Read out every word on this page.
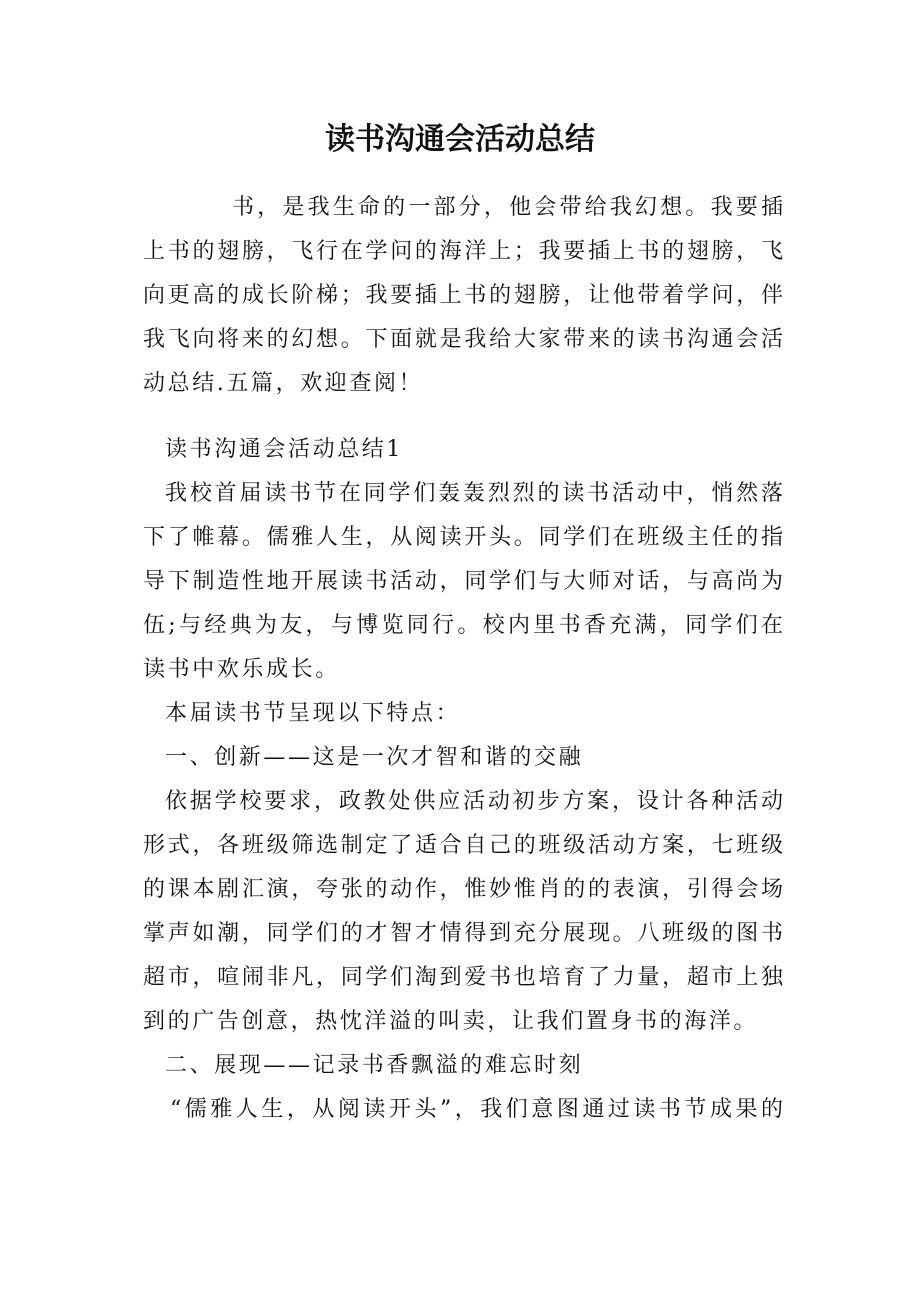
读书沟通会活动总结
书，是我生命的一部分，他会带给我幻想。我要插
上书的翅膀，飞行在学问的海洋上；我要插上书的翅膀，飞
向更高的成长阶梯；我要插上书的翅膀，让他带着学问，伴
我飞向将来的幻想。下面就是我给大家带来的读书沟通会活
动总结.五篇，欢迎查阅！
读书沟通会活动总结1
我校首届读书节在同学们轰轰烈烈的读书活动中，悄然落
下了帷幕。儒雅人生，从阅读开头。同学们在班级主任的指
导下制造性地开展读书活动，同学们与大师对话，与高尚为
伍;与经典为友，与博览同行。校内里书香充满，同学们在
读书中欢乐成长。
本届读书节呈现以下特点：
一、创新——这是一次才智和谐的交融
依据学校要求，政教处供应活动初步方案，设计各种活动
形式，各班级筛选制定了适合自己的班级活动方案，七班级
的课本剧汇演，夸张的动作，惟妙惟肖的的表演，引得会场
掌声如潮，同学们的才智才情得到充分展现。八班级的图书
超市，喧闹非凡，同学们淘到爱书也培育了力量，超市上独
到的广告创意，热忱洋溢的叫卖，让我们置身书的海洋。
二、展现——记录书香飘溢的难忘时刻
“儒雅人生，从阅读开头”，我们意图通过读书节成果的
